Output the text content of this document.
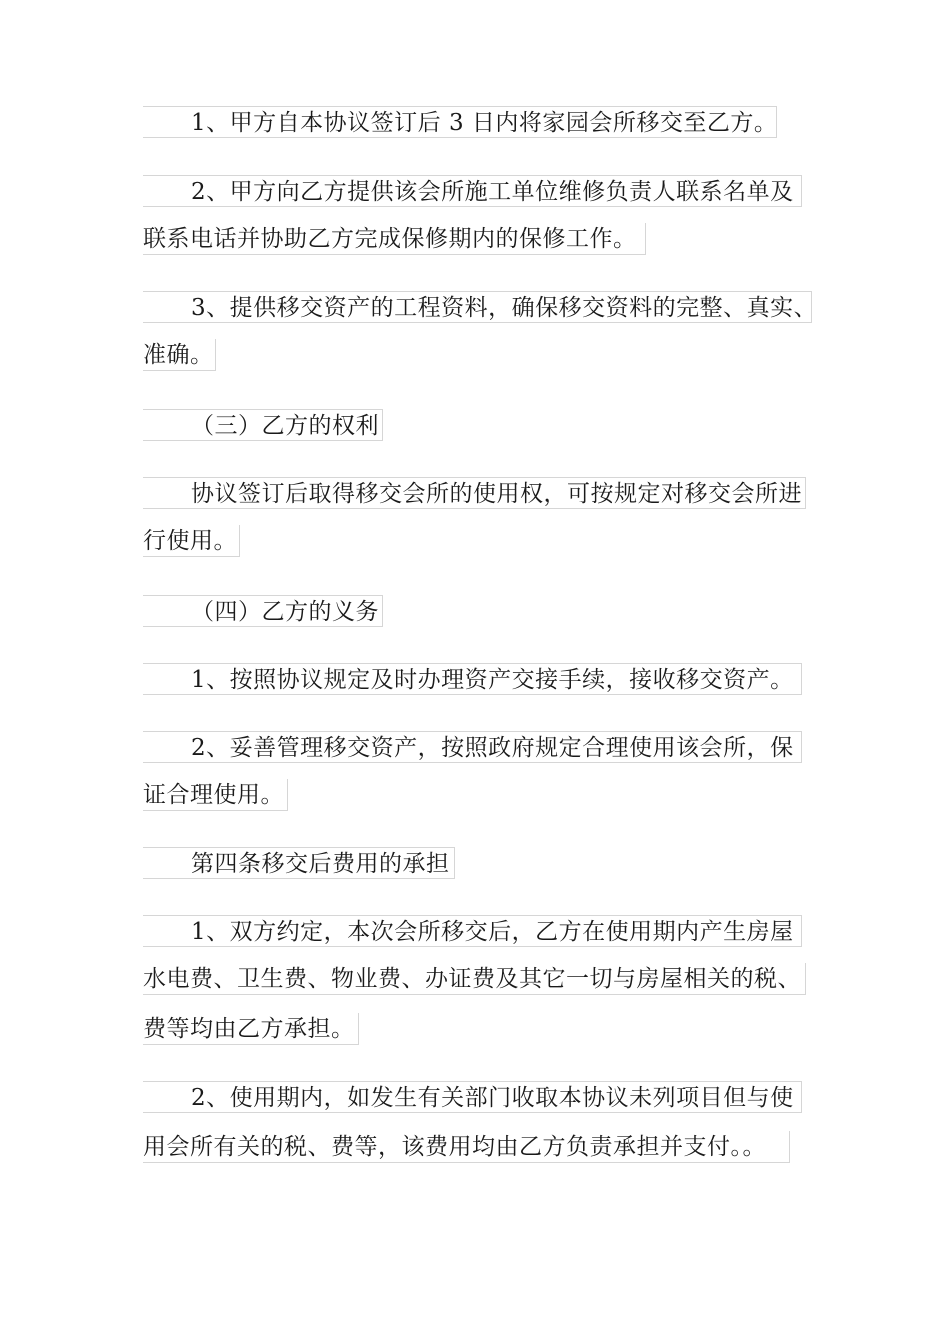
1、甲方自本协议签订后 3 日内将家园会所移交至乙方。
2、甲方向乙方提供该会所施工单位维修负责人联系名单及
联系电话并协助乙方完成保修期内的保修工作。
3、提供移交资产的工程资料，确保移交资料的完整、真实、
准确。
（三）乙方的权利
协议签订后取得移交会所的使用权，可按规定对移交会所进
行使用。
（四）乙方的义务
1、按照协议规定及时办理资产交接手续，接收移交资产。
2、妥善管理移交资产，按照政府规定合理使用该会所，保
证合理使用。
第四条移交后费用的承担
1、双方约定，本次会所移交后，乙方在使用期内产生房屋
水电费、卫生费、物业费、办证费及其它一切与房屋相关的税、
费等均由乙方承担。
2、使用期内，如发生有关部门收取本协议未列项目但与使
用会所有关的税、费等，该费用均由乙方负责承担并支付。。
